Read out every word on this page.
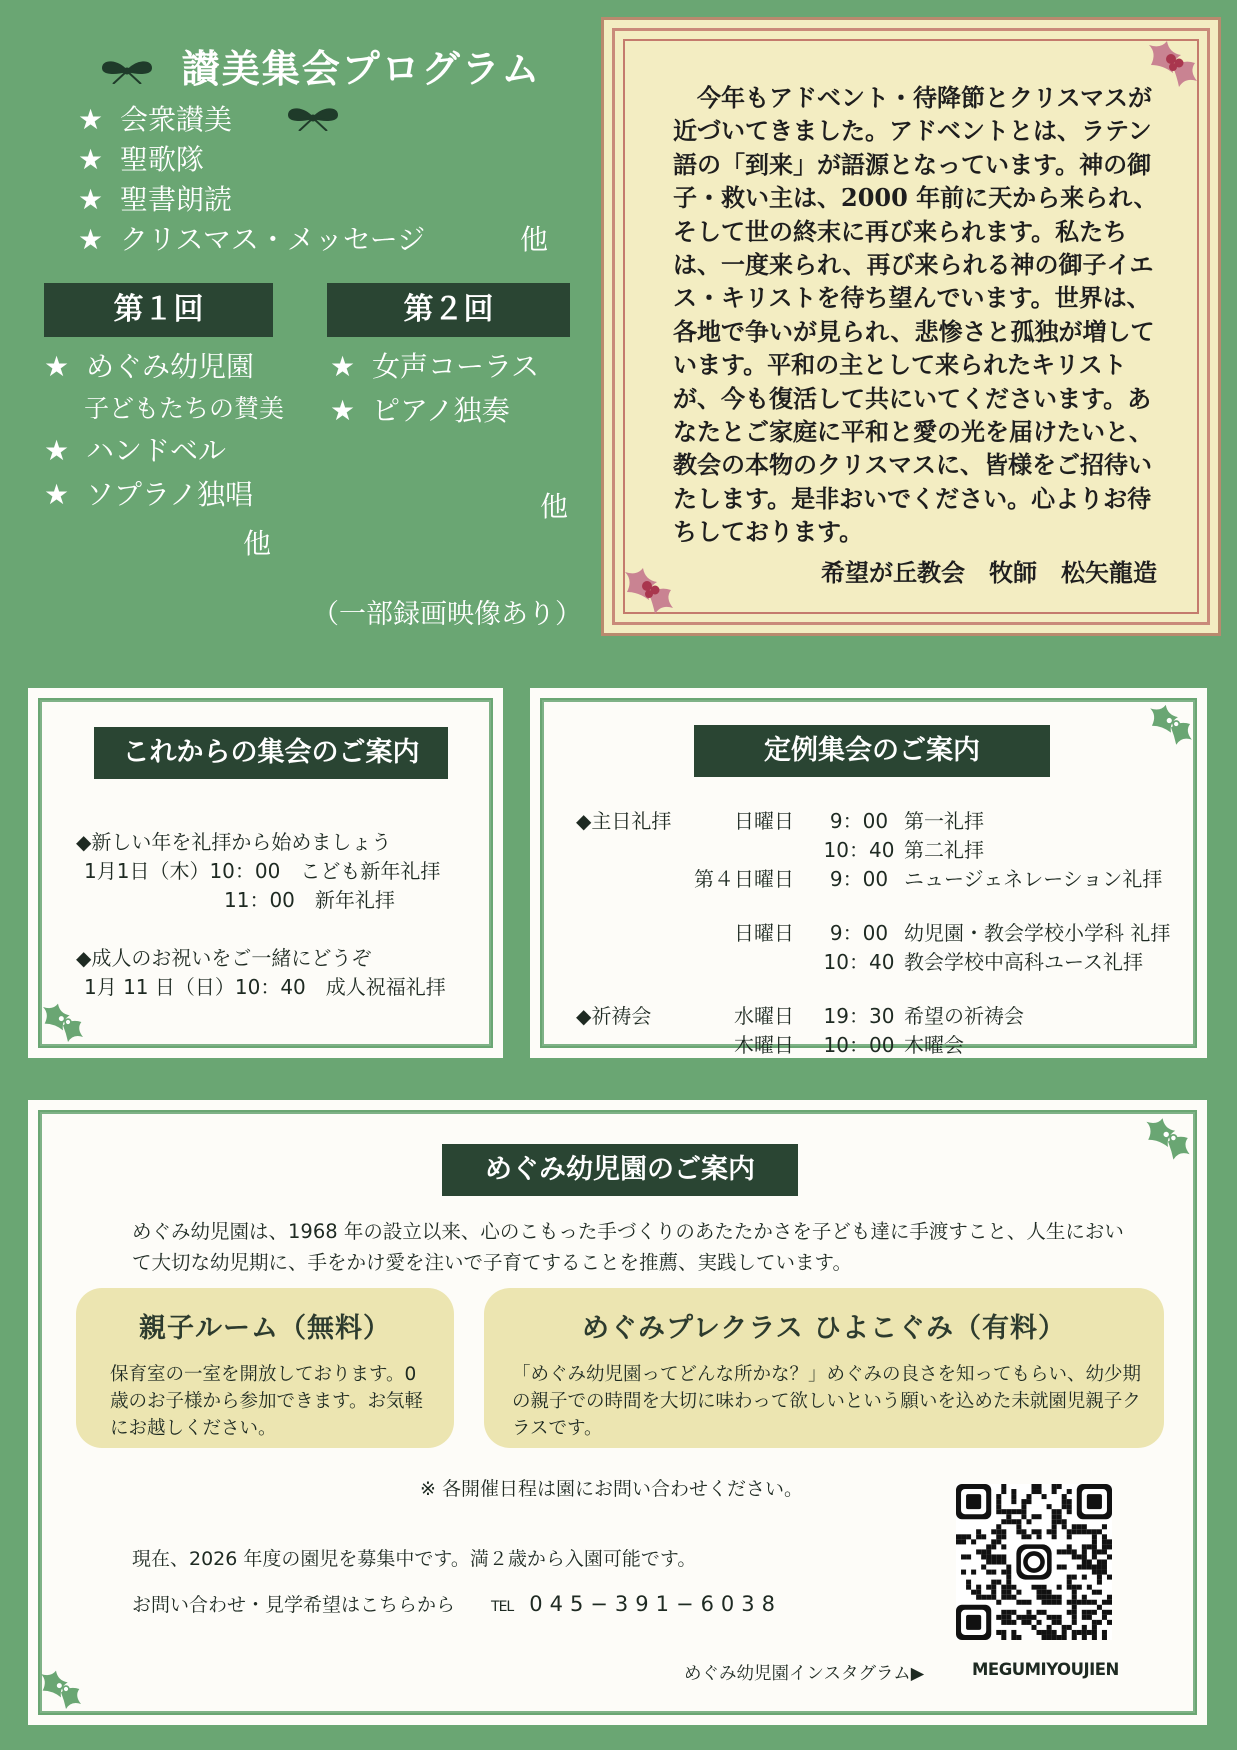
讃美集会プログラム
★ 会衆讃美
★ 聖歌隊
★ 聖書朗読
★ クリスマス・メッセージ	他
第１回	第２回
★ めぐみ幼児園
子どもたちの賛美
★ ハンドベル
★ ソプラノ独唱
他
★ 女声コーラス
★ ピアノ独奏
他
（一部録画映像あり）
今年もアドベント・待降節とクリスマスが近づいてきました。アドベントとは、ラテン語の「到来」が語源となっています。神の御子・救い主は、2000 年前に天から来られ、そして世の終末に再び来られます。私たちは、一度来られ、再び来られる神の御子イエス・キリストを待ち望んでいます。世界は、各地で争いが見られ、悲惨さと孤独が増しています。平和の主として来られたキリストが、今も復活して共にいてくださいます。あなたとご家庭に平和と愛の光を届けたいと、教会の本物のクリスマスに、皆様をご招待いたします。是非おいでください。心よりお待ちしております。
希望が丘教会　牧師　松矢龍造
これからの集会のご案内
◆新しい年を礼拝から始めましょう
1月1日（木）10：00　 こども新年礼拝
11：00　 新年礼拝
◆成人のお祝いをご一緒にどうぞ
1月 11 日（日）10：40　 成人祝福礼拝
定例集会のご案内
◆主日礼拝	日曜日	9：00	第一礼拝
		10：40	第二礼拝
	第４日曜日	9：00	ニュージェネレーション礼拝

	日曜日	9：00	幼児園・教会学校小学科 礼拝
		10：40	教会学校中高科ユース礼拝

◆祈祷会	水曜日	19：30	希望の祈祷会
	木曜日	10：00	木曜会
めぐみ幼児園のご案内
めぐみ幼児園は、1968 年の設立以来、心のこもった手づくりのあたたかさを子ども達に手渡すこと、人生において大切な幼児期に、手をかけ愛を注いで子育てすることを推薦、実践しています。
親子ルーム（無料）
保育室の一室を開放しております。0 歳のお子様から参加できます。お気軽にお越しください。
めぐみプレクラス ひよこぐみ（有料）
「めぐみ幼児園ってどんな所かな？」めぐみの良さを知ってもらい、幼少期の親子での時間を大切に味わって欲しいという願いを込めた未就園児親子クラスです。
※ 各開催日程は園にお問い合わせください。
現在、2026 年度の園児を募集中です。満２歳から入園可能です。
お問い合わせ・見学希望はこちらから	TEL 045−391−6038
めぐみ幼児園インスタグラム▶	MEGUMIYOUJIEN
